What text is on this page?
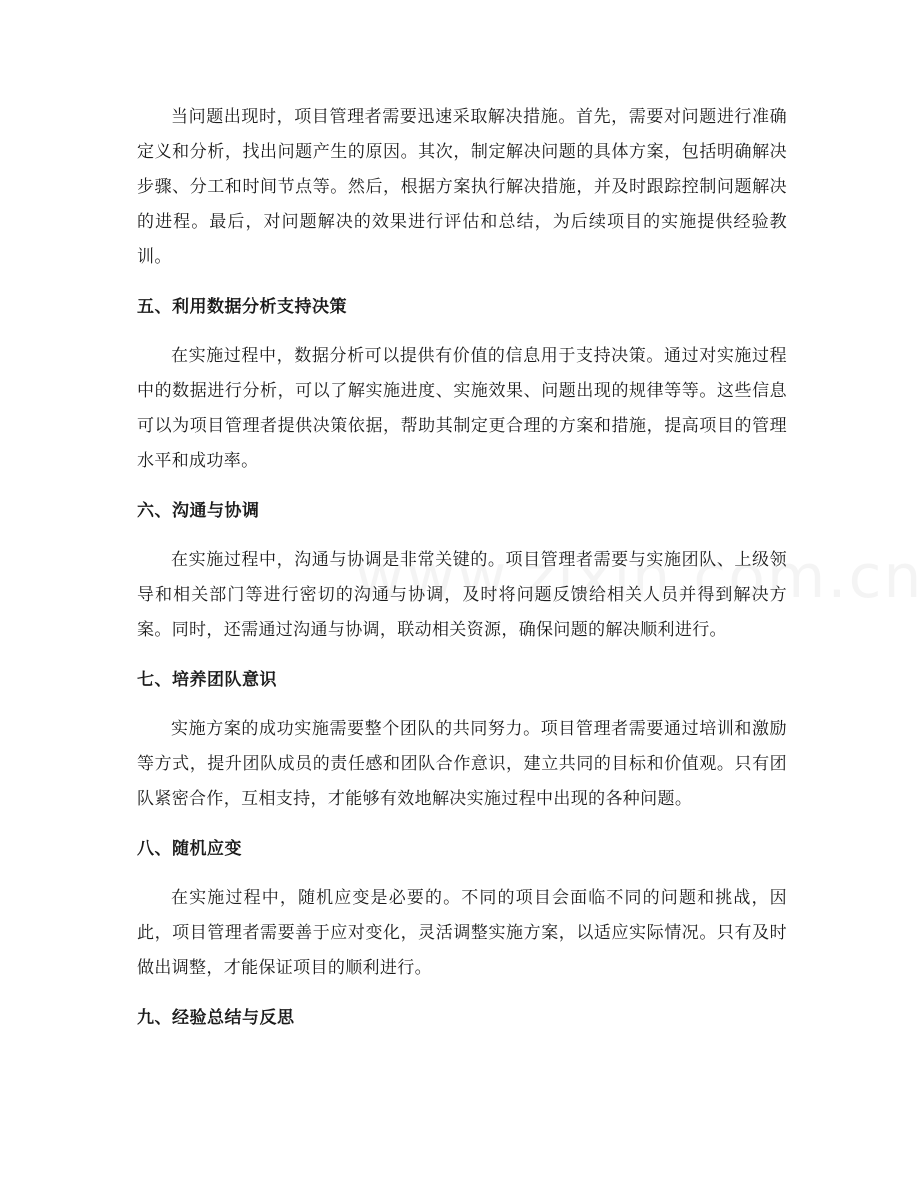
当问题出现时，项目管理者需要迅速采取解决措施。首先，需要对问题进行准确定义和分析，找出问题产生的原因。其次，制定解决问题的具体方案，包括明确解决步骤、分工和时间节点等。然后，根据方案执行解决措施，并及时跟踪控制问题解决的进程。最后，对问题解决的效果进行评估和总结，为后续项目的实施提供经验教训。

五、利用数据分析支持决策

在实施过程中，数据分析可以提供有价值的信息用于支持决策。通过对实施过程中的数据进行分析，可以了解实施进度、实施效果、问题出现的规律等等。这些信息可以为项目管理者提供决策依据，帮助其制定更合理的方案和措施，提高项目的管理水平和成功率。

六、沟通与协调

在实施过程中，沟通与协调是非常关键的。项目管理者需要与实施团队、上级领导和相关部门等进行密切的沟通与协调，及时将问题反馈给相关人员并得到解决方案。同时，还需通过沟通与协调，联动相关资源，确保问题的解决顺利进行。

七、培养团队意识

实施方案的成功实施需要整个团队的共同努力。项目管理者需要通过培训和激励等方式，提升团队成员的责任感和团队合作意识，建立共同的目标和价值观。只有团队紧密合作，互相支持，才能够有效地解决实施过程中出现的各种问题。

八、随机应变

在实施过程中，随机应变是必要的。不同的项目会面临不同的问题和挑战，因此，项目管理者需要善于应对变化，灵活调整实施方案，以适应实际情况。只有及时做出调整，才能保证项目的顺利进行。

九、经验总结与反思
